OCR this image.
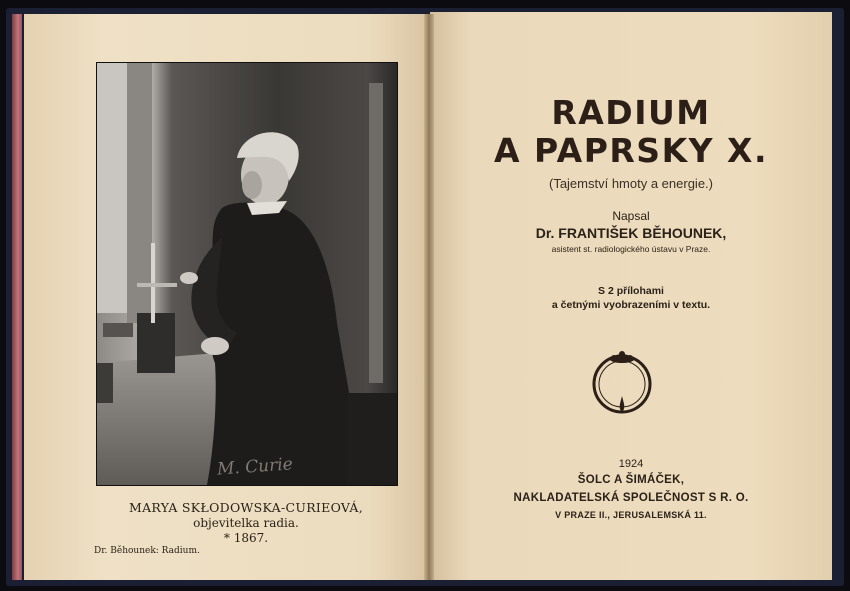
M. Curie
MARYA SKŁODOWSKA-CURIEOVÁ,
objevitelka radia.
* 1867.
Dr. Běhounek: Radium.
RADIUM
A PAPRSKY X.
(Tajemství hmoty a energie.)
Napsal
Dr. FRANTIŠEK BĚHOUNEK,
asistent st. radiologického ústavu v Praze.
S 2 přílohami
a četnými vyobrazeními v textu.
1924
ŠOLC A ŠIMÁČEK,
NAKLADATELSKÁ SPOLEČNOST S R. O.
V PRAZE II., JERUSALEMSKÁ 11.
